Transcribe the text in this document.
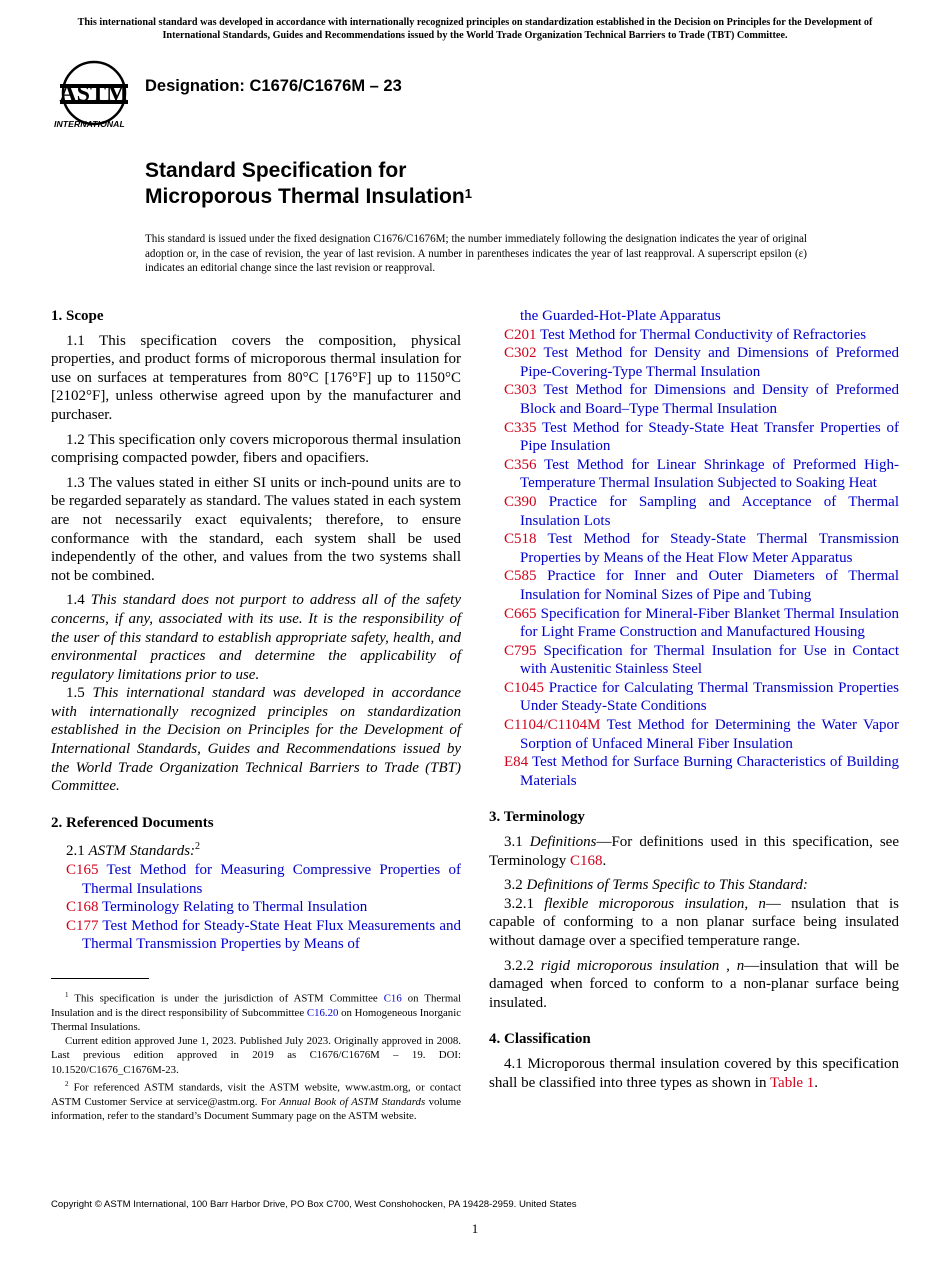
This international standard was developed in accordance with internationally recognized principles on standardization established in the Decision on Principles for the Development of International Standards, Guides and Recommendations issued by the World Trade Organization Technical Barriers to Trade (TBT) Committee.
ASTM
INTERNATIONAL
Designation: C1676/C1676M – 23
Standard Specification for
Microporous Thermal Insulation$^1$
This standard is issued under the fixed designation C1676/C1676M; the number immediately following the designation indicates the year of original adoption or, in the case of revision, the year of last revision. A number in parentheses indicates the year of last reapproval. A superscript epsilon (ε) indicates an editorial change since the last revision or reapproval.
1. Scope

1.1 This specification covers the composition, physical properties, and product forms of microporous thermal insulation for use on surfaces at temperatures from 80°C [176°F] up to 1150°C [2102°F], unless otherwise agreed upon by the manufacturer and purchaser.

1.2 This specification only covers microporous thermal insulation comprising compacted powder, fibers and opacifiers.

1.3 The values stated in either SI units or inch-pound units are to be regarded separately as standard. The values stated in each system are not necessarily exact equivalents; therefore, to ensure conformance with the standard, each system shall be used independently of the other, and values from the two systems shall not be combined.

1.4 This standard does not purport to address all of the safety concerns, if any, associated with its use. It is the responsibility of the user of this standard to establish appropriate safety, health, and environmental practices and determine the applicability of regulatory limitations prior to use.

1.5 This international standard was developed in accordance with internationally recognized principles on standardization established in the Decision on Principles for the Development of International Standards, Guides and Recommendations issued by the World Trade Organization Technical Barriers to Trade (TBT) Committee.

2. Referenced Documents

2.1 ASTM Standards:$^2$

C165 Test Method for Measuring Compressive Properties of Thermal Insulations

C168 Terminology Relating to Thermal Insulation

C177 Test Method for Steady-State Heat Flux Measurements and Thermal Transmission Properties by Means of

$^1$ This specification is under the jurisdiction of ASTM Committee C16 on Thermal Insulation and is the direct responsibility of Subcommittee C16.20 on Homogeneous Inorganic Thermal Insulations.

Current edition approved June 1, 2023. Published July 2023. Originally approved in 2008. Last previous edition approved in 2019 as C1676/C1676M – 19. DOI: 10.1520/C1676_C1676M-23.

$^2$ For referenced ASTM standards, visit the ASTM website, www.astm.org, or contact ASTM Customer Service at service@astm.org. For Annual Book of ASTM Standards volume information, refer to the standard’s Document Summary page on the ASTM website.

the Guarded-Hot-Plate Apparatus

C201 Test Method for Thermal Conductivity of Refractories

C302 Test Method for Density and Dimensions of Preformed Pipe-Covering-Type Thermal Insulation

C303 Test Method for Dimensions and Density of Preformed Block and Board–Type Thermal Insulation

C335 Test Method for Steady-State Heat Transfer Properties of Pipe Insulation

C356 Test Method for Linear Shrinkage of Preformed High-Temperature Thermal Insulation Subjected to Soaking Heat

C390 Practice for Sampling and Acceptance of Thermal Insulation Lots

C518 Test Method for Steady-State Thermal Transmission Properties by Means of the Heat Flow Meter Apparatus

C585 Practice for Inner and Outer Diameters of Thermal Insulation for Nominal Sizes of Pipe and Tubing

C665 Specification for Mineral-Fiber Blanket Thermal Insulation for Light Frame Construction and Manufactured Housing

C795 Specification for Thermal Insulation for Use in Contact with Austenitic Stainless Steel

C1045 Practice for Calculating Thermal Transmission Properties Under Steady-State Conditions

C1104/C1104M Test Method for Determining the Water Vapor Sorption of Unfaced Mineral Fiber Insulation

E84 Test Method for Surface Burning Characteristics of Building Materials

3. Terminology

3.1 Definitions—For definitions used in this specification, see Terminology C168.

3.2 Definitions of Terms Specific to This Standard:

3.2.1 flexible microporous insulation, n— nsulation that is capable of conforming to a non planar surface being insulated without damage over a specified temperature range.

3.2.2 rigid microporous insulation , n—insulation that will be damaged when forced to conform to a non-planar surface being insulated.

4. Classification

4.1 Microporous thermal insulation covered by this specification shall be classified into three types as shown in Table 1.

Copyright © ASTM International, 100 Barr Harbor Drive, PO Box C700, West Conshohocken, PA 19428-2959. United States
1
